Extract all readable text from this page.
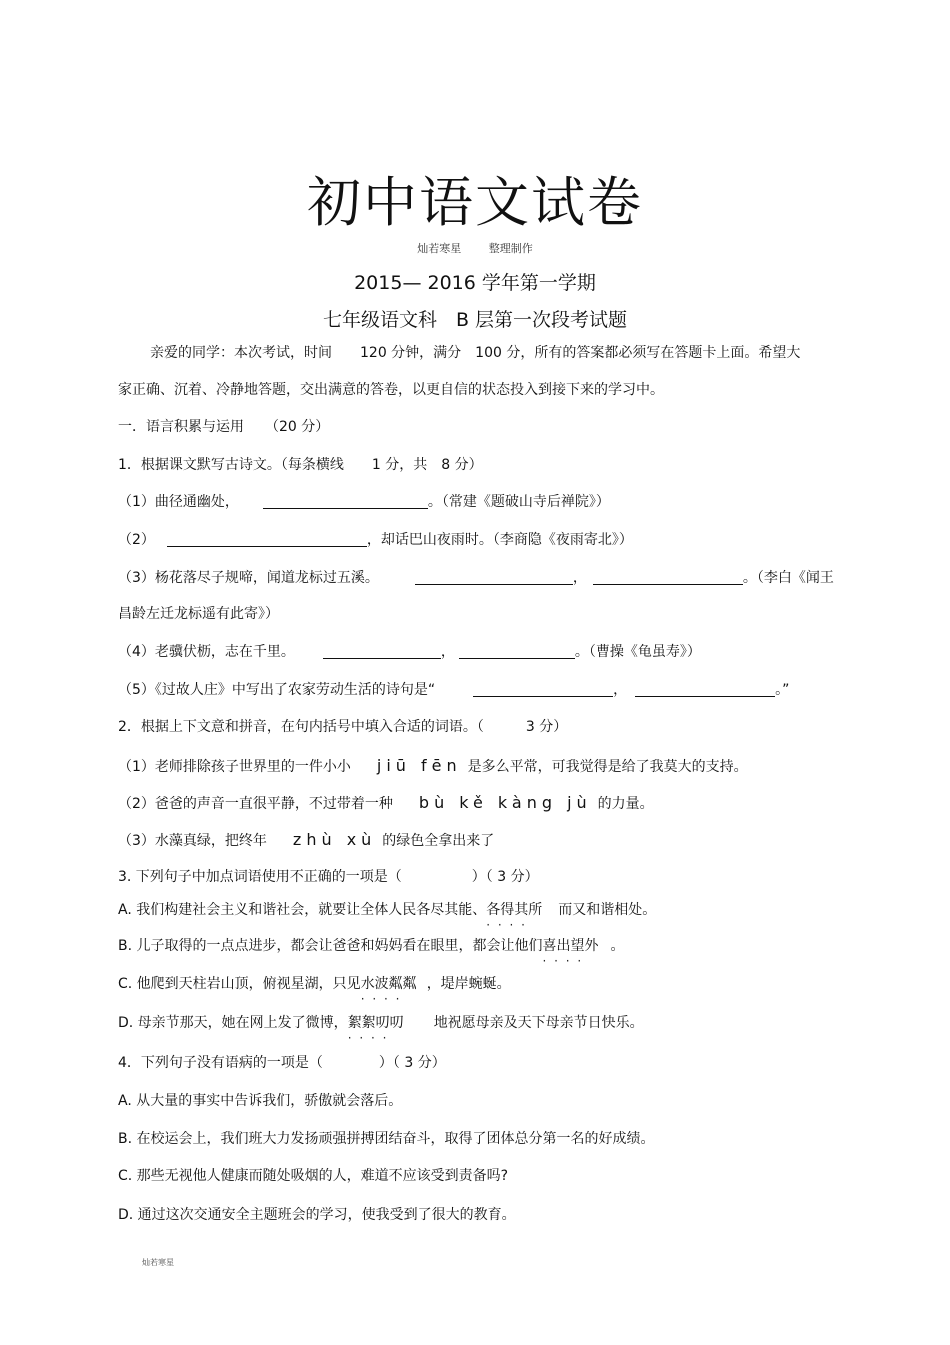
初中语文试卷
灿若寒星	整理制作
2015— 2016 学年第一学期
七年级语文科　B 层第一次段考试题
亲爱的同学：本次考试，时间　　120 分钟，满分　100 分，所有的答案都必须写在答题卡上面。希望大
家正确、沉着、冷静地答题，交出满意的答卷，以更自信的状态投入到接下来的学习中。
一．语言积累与运用　　（20 分）
1．根据课文默写古诗文。（每条横线　　1 分，共　8 分）
（1）曲径通幽处，	。（常建《题破山寺后禅院》）
（2）	，却话巴山夜雨时。（李商隐《夜雨寄北》）
（3）杨花落尽子规啼，闻道龙标过五溪。	，	。（李白《闻王
昌龄左迁龙标遥有此寄》）
（4）老骥伏枥，志在千里。	，	。（曹操《龟虽寿》）
（5）《过故人庄》中写出了农家劳动生活的诗句是“	，	。”
2．根据上下文意和拼音，在句内括号中填入合适的词语。（　　　3 分）
（1）老师排除孩子世界里的一件小小 jiū fēn 是多么平常，可我觉得是给了我莫大的支持。
（2）爸爸的声音一直很平静，不过带着一种 bù kě kàng jù 的力量。
（3）水藻真绿，把终年 zhù xù 的绿色全拿出来了
3. 下列句子中加点词语使用不正确的一项是（　　　　　）（ 3 分）
A. 我们构建社会主义和谐社会，就要让全体人民各尽其能、各得其所 · · 而又和谐相处。
B. 儿子取得的一点点进步，都会让爸爸和妈妈看在眼里，都会让他们喜出望外 · · 。
C. 他爬到天柱岩山顶，俯视星湖，只见水波粼粼 · · ，堤岸蜿蜒。
D. 母亲节那天，她在网上发了微博，絮絮叨叨 · · 地祝愿母亲及天下母亲节日快乐。
4．下列句子没有语病的一项是（　　　　）（ 3 分）
A. 从大量的事实中告诉我们，骄傲就会落后。
B. 在校运会上，我们班大力发扬顽强拼搏团结奋斗，取得了团体总分第一名的好成绩。
C. 那些无视他人健康而随处吸烟的人，难道不应该受到责备吗?
D. 通过这次交通安全主题班会的学习，使我受到了很大的教育。
灿若寒星
